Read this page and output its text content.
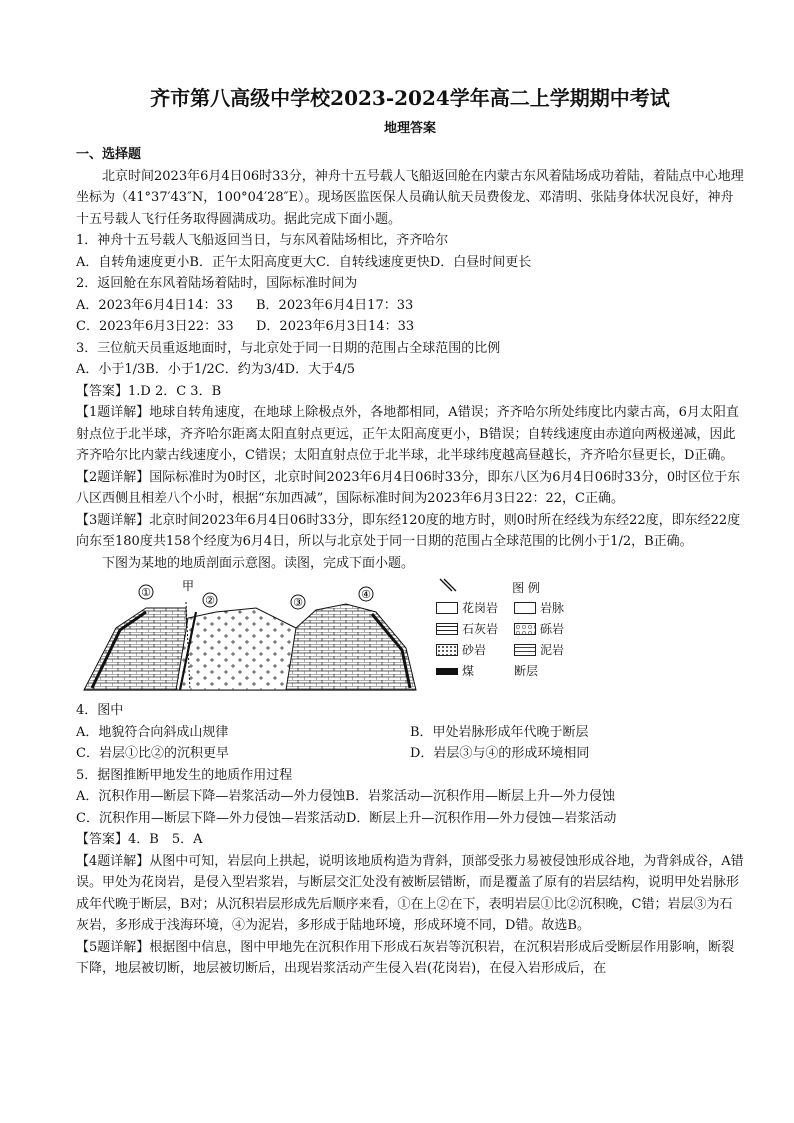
齐市第八高级中学校2023-2024学年高二上学期期中考试
地理答案

一、选择题

北京时间2023年6月4日06时33分，神舟十五号载人飞船返回舱在内蒙古东风着陆场成功着陆，着陆点中心地理坐标为（41°37′43″N，100°04′28″E）。现场医监医保人员确认航天员费俊龙、邓清明、张陆身体状况良好，神舟十五号载人飞行任务取得圆满成功。据此完成下面小题。

1．神舟十五号载人飞船返回当日，与东风着陆场相比，齐齐哈尔

A．自转角速度更小B．正午太阳高度更大C．自转线速度更快D．白昼时间更长

2．返回舱在东风着陆场着陆时，国际标准时间为

A．2023年6月4日14：33	B．2023年6月4日17：33
C．2023年6月3日22：33	D．2023年6月3日14：33

3．三位航天员重返地面时，与北京处于同一日期的范围占全球范围的比例

A．小于1/3B．小于1/2C．约为3/4D．大于4/5

【答案】1.D 2．C 3．B

【1题详解】地球自转角速度，在地球上除极点外，各地都相同，A错误；齐齐哈尔所处纬度比内蒙古高，6月太阳直射点位于北半球，齐齐哈尔距离太阳直射点更远，正午太阳高度更小，B错误；自转线速度由赤道向两极递减，因此齐齐哈尔比内蒙古线速度小，C错误；太阳直射点位于北半球，北半球纬度越高昼越长，齐齐哈尔昼更长，D正确。

【2题详解】国际标准时为0时区，北京时间2023年6月4日06时33分，即东八区为6月4日06时33分，0时区位于东八区西侧且相差八个小时，根据“东加西减”，国际标准时间为2023年6月3日22：22，C正确。

【3题详解】北京时间2023年6月4日06时33分，即东经120度的地方时，则0时所在经线为东经22度，即东经22度向东至180度共158个经度为6月4日，所以与北京处于同一日期的范围占全球范围的比例小于1/2，B正确。

下图为某地的地质剖面示意图。读图，完成下面小题。

①
②	③
④
甲	图 例
花岗岩	岩脉
石灰岩	砾岩
砂岩	泥岩
煤	断层

4．图中

A．地貌符合向斜成山规律	B．甲处岩脉形成年代晚于断层
C．岩层①比②的沉积更早	D．岩层③与④的形成环境相同

5．据图推断甲地发生的地质作用过程

A．沉积作用—断层下降—岩浆活动—外力侵蚀B．岩浆活动—沉积作用—断层上升—外力侵蚀

C．沉积作用—断层下降—外力侵蚀—岩浆活动D．断层上升—沉积作用—外力侵蚀—岩浆活动

【答案】4．B　5．A

【4题详解】从图中可知，岩层向上拱起，说明该地质构造为背斜，顶部受张力易被侵蚀形成谷地，为背斜成谷，A错误。甲处为花岗岩，是侵入型岩浆岩，与断层交汇处没有被断层错断，而是覆盖了原有的岩层结构，说明甲处岩脉形成年代晚于断层，B对；从沉积岩层形成先后顺序来看，①在上②在下，表明岩层①比②沉积晚，C错；岩层③为石灰岩，多形成于浅海环境，④为泥岩，多形成于陆地环境，形成环境不同，D错。故选B。

【5题详解】根据图中信息，图中甲地先在沉积作用下形成石灰岩等沉积岩，在沉积岩形成后受断层作用影响，断裂下降，地层被切断，地层被切断后，出现岩浆活动产生侵入岩(花岗岩)，在侵入岩形成后，在
